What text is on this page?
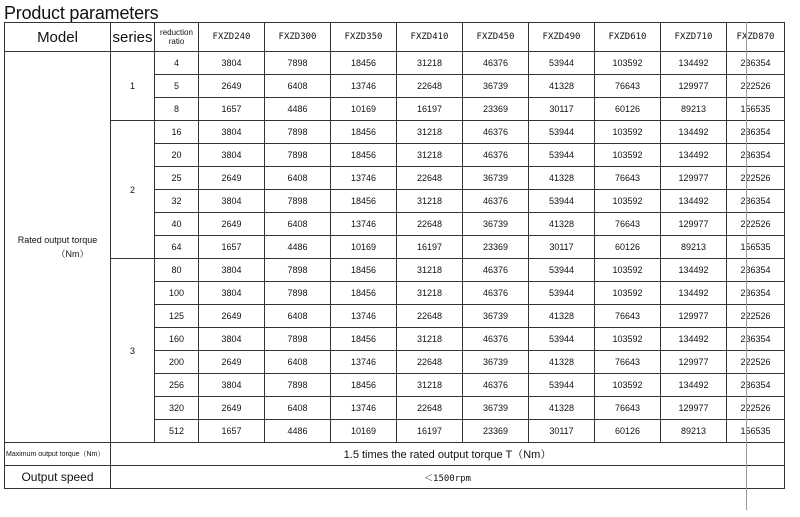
Product parameters
Model	series	reduction ratio	FXZD240	FXZD300	FXZD350	FXZD410	FXZD450	FXZD490	FXZD610	FXZD710	FXZD870

Rated output torque
（Nm）	1	4	3804	7898	18456	31218	46376	53944	103592	134492	236354
		5	2649	6408	13746	22648	36739	41328	76643	129977	222526
		8	1657	4486	10169	16197	23369	30117	60126	89213	156535
	2	16	3804	7898	18456	31218	46376	53944	103592	134492	236354
		20	3804	7898	18456	31218	46376	53944	103592	134492	236354
		25	2649	6408	13746	22648	36739	41328	76643	129977	222526
		32	3804	7898	18456	31218	46376	53944	103592	134492	236354
		40	2649	6408	13746	22648	36739	41328	76643	129977	222526
		64	1657	4486	10169	16197	23369	30117	60126	89213	156535
	3	80	3804	7898	18456	31218	46376	53944	103592	134492	236354
		100	3804	7898	18456	31218	46376	53944	103592	134492	236354
		125	2649	6408	13746	22648	36739	41328	76643	129977	222526
		160	3804	7898	18456	31218	46376	53944	103592	134492	236354
		200	2649	6408	13746	22648	36739	41328	76643	129977	222526
		256	3804	7898	18456	31218	46376	53944	103592	134492	236354
		320	2649	6408	13746	22648	36739	41328	76643	129977	222526
		512	1657	4486	10169	16197	23369	30117	60126	89213	156535
Maximum output torque（Nm）	1.5 times the rated output torque T（Nm）										
Output speed	＜1500rpm										
